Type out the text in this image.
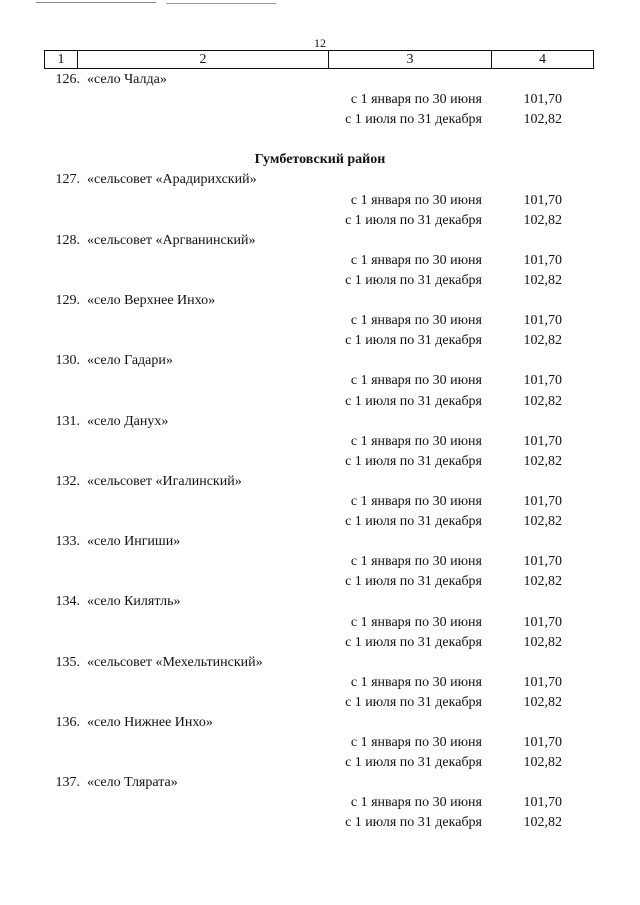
12
1	2	3	4
126. «село Чалда»
с 1 января по 30 июня	101,70
с 1 июля по 31 декабря	102,82
Гумбетовский район
127. «сельсовет «Арадирихский»
с 1 января по 30 июня	101,70
с 1 июля по 31 декабря	102,82
128. «сельсовет «Аргванинский»
с 1 января по 30 июня	101,70
с 1 июля по 31 декабря	102,82
129. «село Верхнее Инхо»
с 1 января по 30 июня	101,70
с 1 июля по 31 декабря	102,82
130. «село Гадари»
с 1 января по 30 июня	101,70
с 1 июля по 31 декабря	102,82
131. «село Данух»
с 1 января по 30 июня	101,70
с 1 июля по 31 декабря	102,82
132. «сельсовет «Игалинский»
с 1 января по 30 июня	101,70
с 1 июля по 31 декабря	102,82
133. «село Ингиши»
с 1 января по 30 июня	101,70
с 1 июля по 31 декабря	102,82
134. «село Килятль»
с 1 января по 30 июня	101,70
с 1 июля по 31 декабря	102,82
135. «сельсовет «Мехельтинский»
с 1 января по 30 июня	101,70
с 1 июля по 31 декабря	102,82
136. «село Нижнее Инхо»
с 1 января по 30 июня	101,70
с 1 июля по 31 декабря	102,82
137. «село Тлярата»
с 1 января по 30 июня	101,70
с 1 июля по 31 декабря	102,82
